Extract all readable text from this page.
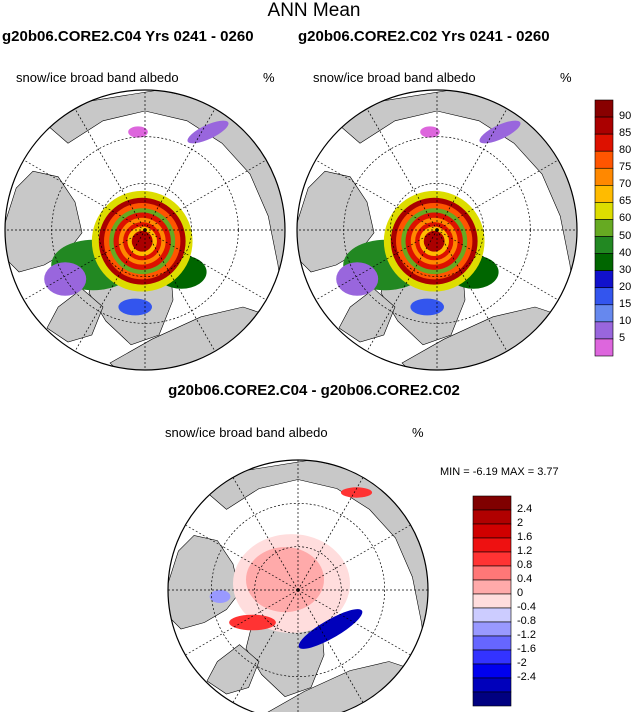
ANN Mean
g20b06.CORE2.C04 Yrs 0241 - 0260	g20b06.CORE2.C02 Yrs 0241 - 0260
snow/ice broad band albedo	%	snow/ice broad band albedo	%
g20b06.CORE2.C04 - g20b06.CORE2.C02
snow/ice broad band albedo	%
MIN = -6.19 MAX = 3.77
90
85
80
75
70
65
60
50
40
30
20
15
10
5
2.4
2
1.6
1.2
0.8
0.4
0
-0.4
-0.8
-1.2
-1.6
-2
-2.4
